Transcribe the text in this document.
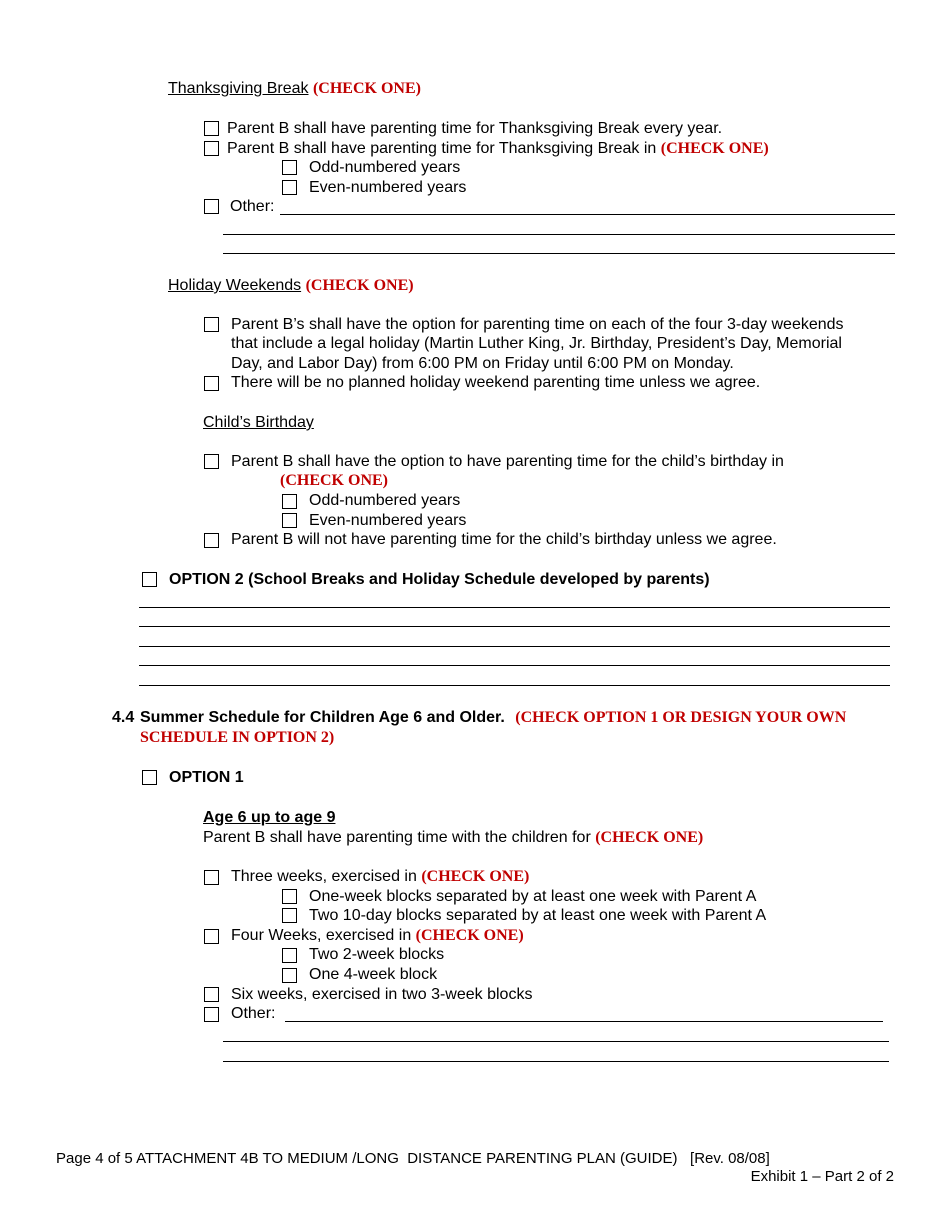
Thanksgiving Break (CHECK ONE)
Parent B shall have parenting time for Thanksgiving Break every year.
Parent B shall have parenting time for Thanksgiving Break in (CHECK ONE)
Odd-numbered years
Even-numbered years
Other:
Holiday Weekends (CHECK ONE)
Parent B’s shall have the option for parenting time on each of the four 3-day weekends
that include a legal holiday (Martin Luther King, Jr. Birthday, President’s Day, Memorial
Day, and Labor Day) from 6:00 PM on Friday until 6:00 PM on Monday.
There will be no planned holiday weekend parenting time unless we agree.
Child’s Birthday
Parent B shall have the option to have parenting time for the child’s birthday in
(CHECK ONE)
Odd-numbered years
Even-numbered years
Parent B will not have parenting time for the child’s birthday unless we agree.
OPTION 2 (School Breaks and Holiday Schedule developed by parents)
4.4 Summer Schedule for Children Age 6 and Older. (CHECK OPTION 1 OR DESIGN YOUR OWN
SCHEDULE IN OPTION 2)
OPTION 1
Age 6 up to age 9
Parent B shall have parenting time with the children for (CHECK ONE)
Three weeks, exercised in (CHECK ONE)
One-week blocks separated by at least one week with Parent A
Two 10-day blocks separated by at least one week with Parent A
Four Weeks, exercised in (CHECK ONE)
Two 2-week blocks
One 4-week block
Six weeks, exercised in two 3-week blocks
Other:
Page 4 of 5 ATTACHMENT 4B TO MEDIUM /LONG  DISTANCE PARENTING PLAN (GUIDE)   [Rev. 08/08]
Exhibit 1 – Part 2 of 2
